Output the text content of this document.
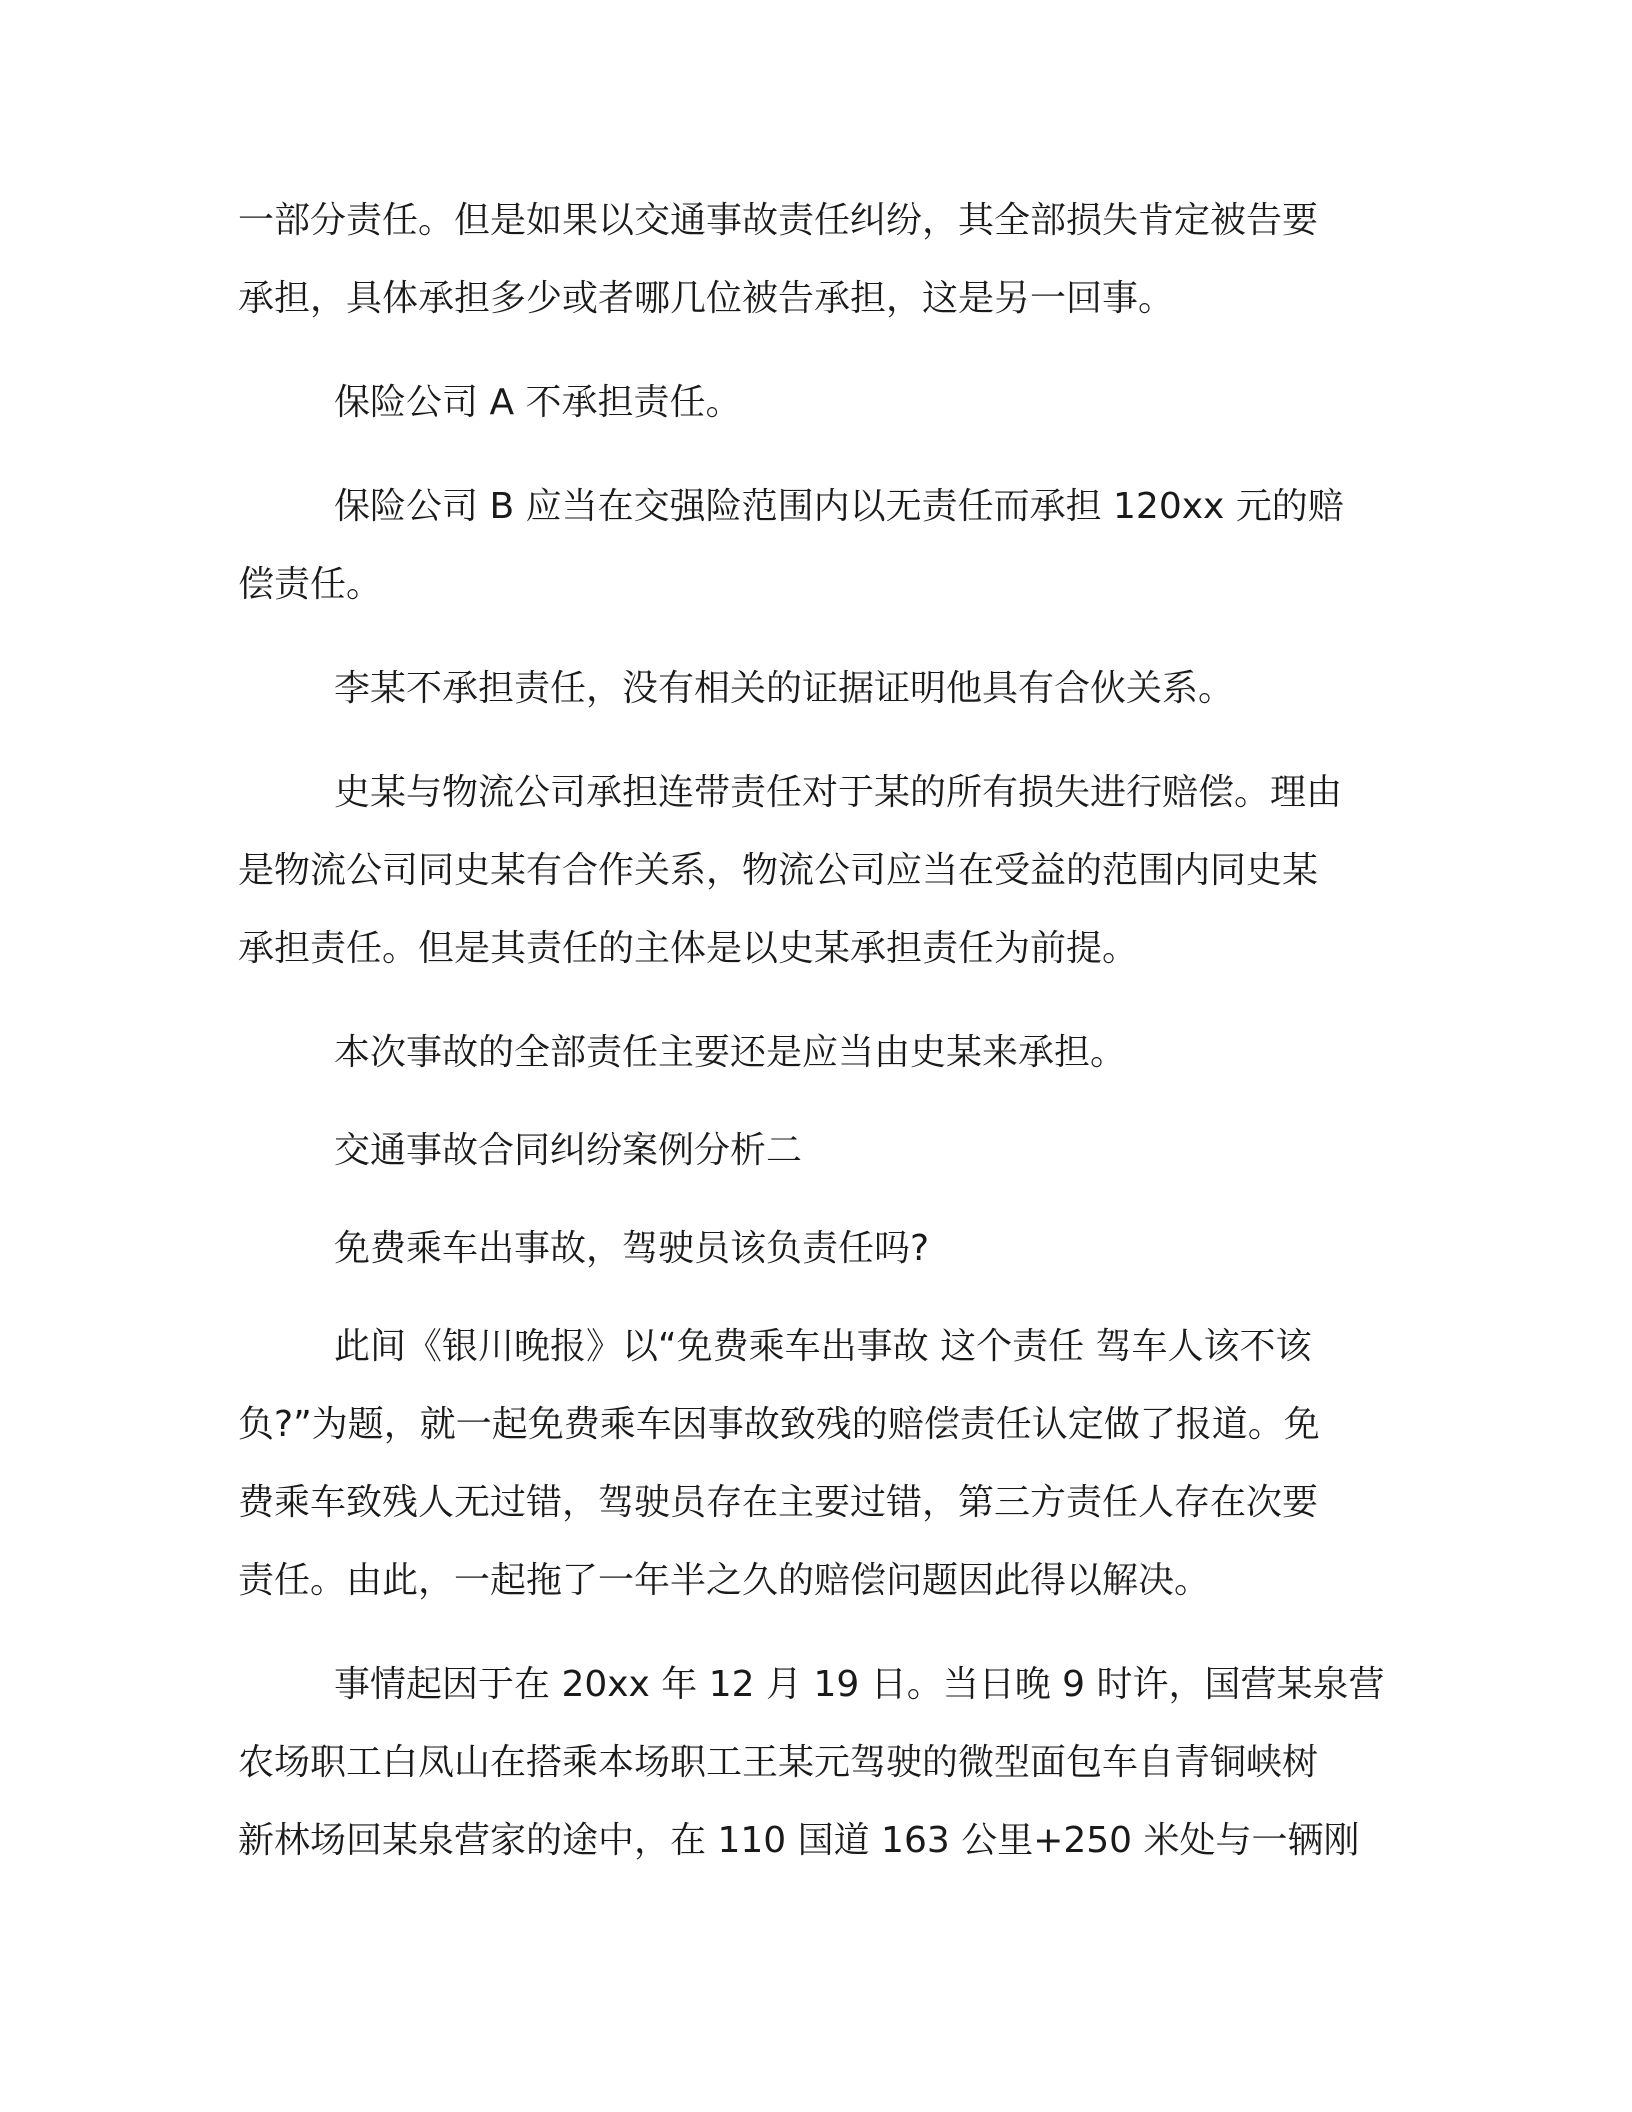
一部分责任。但是如果以交通事故责任纠纷，其全部损失肯定被告要
承担，具体承担多少或者哪几位被告承担，这是另一回事。

保险公司 A 不承担责任。

保险公司 B 应当在交强险范围内以无责任而承担 120xx 元的赔
偿责任。

李某不承担责任，没有相关的证据证明他具有合伙关系。

史某与物流公司承担连带责任对于某的所有损失进行赔偿。理由
是物流公司同史某有合作关系，物流公司应当在受益的范围内同史某
承担责任。但是其责任的主体是以史某承担责任为前提。

本次事故的全部责任主要还是应当由史某来承担。

交通事故合同纠纷案例分析二

免费乘车出事故，驾驶员该负责任吗?

此间《银川晚报》以“免费乘车出事故 这个责任 驾车人该不该
负?”为题，就一起免费乘车因事故致残的赔偿责任认定做了报道。免
费乘车致残人无过错，驾驶员存在主要过错，第三方责任人存在次要
责任。由此，一起拖了一年半之久的赔偿问题因此得以解决。

事情起因于在 20xx 年 12 月 19 日。当日晚 9 时许，国营某泉营
农场职工白凤山在搭乘本场职工王某元驾驶的微型面包车自青铜峡树
新林场回某泉营家的途中，在 110 国道 163 公里+250 米处与一辆刚
